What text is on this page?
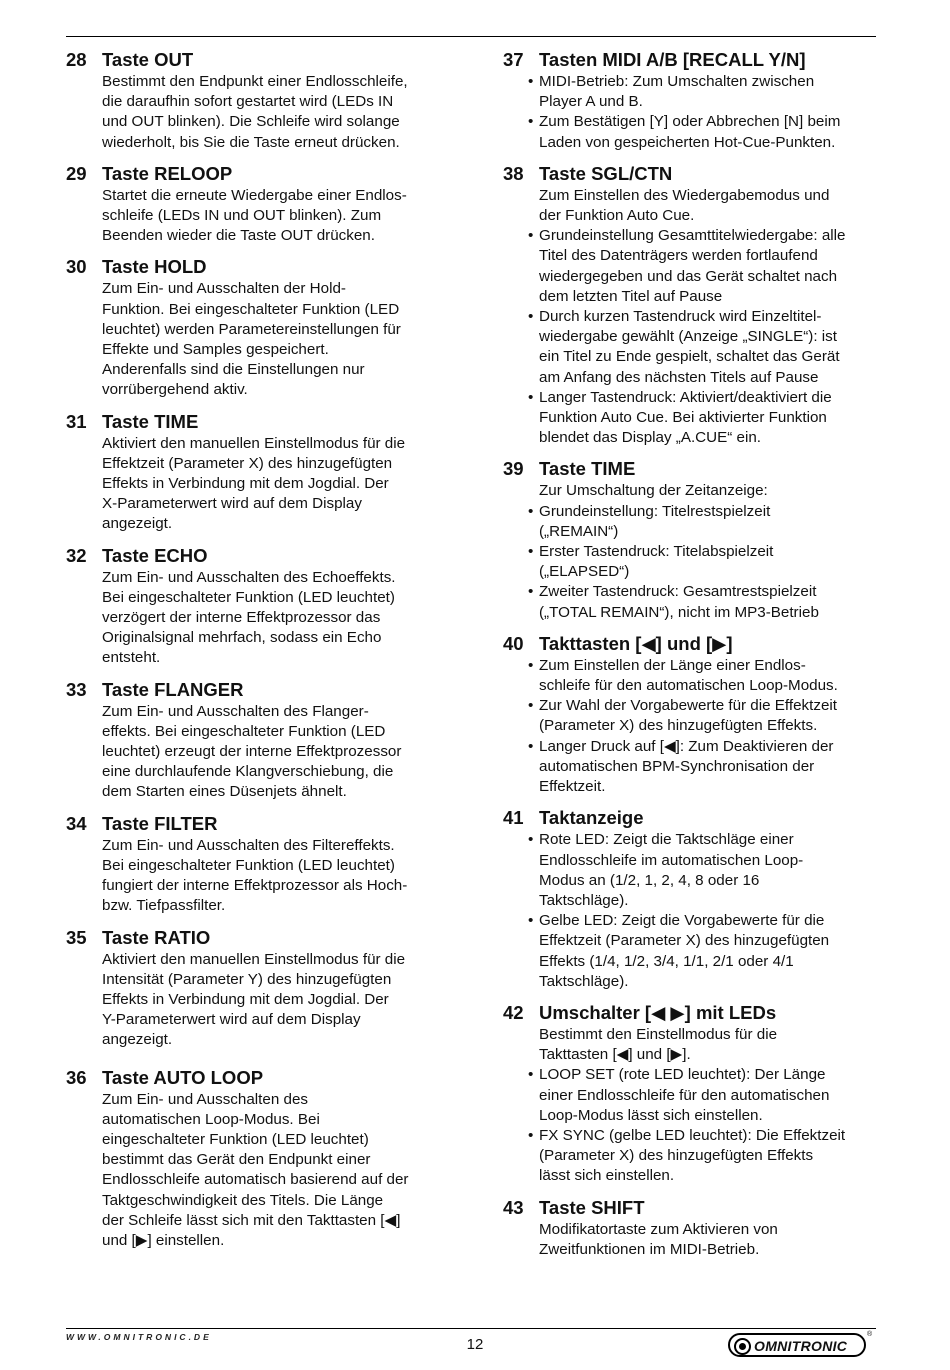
28 Taste OUT
Bestimmt den Endpunkt einer Endlosschleife,
die daraufhin sofort gestartet wird (LEDs IN
und OUT blinken). Die Schleife wird solange
wiederholt, bis Sie die Taste erneut drücken.
29 Taste RELOOP
Startet die erneute Wiedergabe einer Endlos-
schleife (LEDs IN und OUT blinken). Zum
Beenden wieder die Taste OUT drücken.
30 Taste HOLD
Zum Ein- und Ausschalten der Hold-
Funktion. Bei eingeschalteter Funktion (LED
leuchtet) werden Parametereinstellungen für
Effekte und Samples gespeichert.
Anderenfalls sind die Einstellungen nur
vorrübergehend aktiv.
31 Taste TIME
Aktiviert den manuellen Einstellmodus für die
Effektzeit (Parameter X) des hinzugefügten
Effekts in Verbindung mit dem Jogdial. Der
X-Parameterwert wird auf dem Display
angezeigt.
32 Taste ECHO
Zum Ein- und Ausschalten des Echoeffekts.
Bei eingeschalteter Funktion (LED leuchtet)
verzögert der interne Effektprozessor das
Originalsignal mehrfach, sodass ein Echo
entsteht.
33 Taste FLANGER
Zum Ein- und Ausschalten des Flanger-
effekts. Bei eingeschalteter Funktion (LED
leuchtet) erzeugt der interne Effektprozessor
eine durchlaufende Klangverschiebung, die
dem Starten eines Düsenjets ähnelt.
34 Taste FILTER
Zum Ein- und Ausschalten des Filtereffekts.
Bei eingeschalteter Funktion (LED leuchtet)
fungiert der interne Effektprozessor als Hoch-
bzw. Tiefpassfilter.
35 Taste RATIO
Aktiviert den manuellen Einstellmodus für die
Intensität (Parameter Y) des hinzugefügten
Effekts in Verbindung mit dem Jogdial. Der
Y-Parameterwert wird auf dem Display
angezeigt.
36 Taste AUTO LOOP
Zum Ein- und Ausschalten des
automatischen Loop-Modus. Bei
eingeschalteter Funktion (LED leuchtet)
bestimmt das Gerät den Endpunkt einer
Endlosschleife automatisch basierend auf der
Taktgeschwindigkeit des Titels. Die Länge
der Schleife lässt sich mit den Takttasten [◀]
und [▶] einstellen.
37 Tasten MIDI A/B [RECALL Y/N]
• MIDI-Betrieb: Zum Umschalten zwischen
Player A und B.
• Zum Bestätigen [Y] oder Abbrechen [N] beim
Laden von gespeicherten Hot-Cue-Punkten.
38 Taste SGL/CTN
Zum Einstellen des Wiedergabemodus und
der Funktion Auto Cue.
• Grundeinstellung Gesamttitelwiedergabe: alle
Titel des Datenträgers werden fortlaufend
wiedergegeben und das Gerät schaltet nach
dem letzten Titel auf Pause
• Durch kurzen Tastendruck wird Einzeltitel-
wiedergabe gewählt (Anzeige „SINGLE“): ist
ein Titel zu Ende gespielt, schaltet das Gerät
am Anfang des nächsten Titels auf Pause
• Langer Tastendruck: Aktiviert/deaktiviert die
Funktion Auto Cue. Bei aktivierter Funktion
blendet das Display „A.CUE“ ein.
39 Taste TIME
Zur Umschaltung der Zeitanzeige:
• Grundeinstellung: Titelrestspielzeit
(„REMAIN“)
• Erster Tastendruck: Titelabspielzeit
(„ELAPSED“)
• Zweiter Tastendruck: Gesamtrestspielzeit
(„TOTAL REMAIN“), nicht im MP3-Betrieb
40 Takttasten [◀] und [▶]
• Zum Einstellen der Länge einer Endlos-
schleife für den automatischen Loop-Modus.
• Zur Wahl der Vorgabewerte für die Effektzeit
(Parameter X) des hinzugefügten Effekts.
• Langer Druck auf [◀]: Zum Deaktivieren der
automatischen BPM-Synchronisation der
Effektzeit.
41 Taktanzeige
• Rote LED: Zeigt die Taktschläge einer
Endlosschleife im automatischen Loop-
Modus an (1/2, 1, 2, 4, 8 oder 16
Taktschläge).
• Gelbe LED: Zeigt die Vorgabewerte für die
Effektzeit (Parameter X) des hinzugefügten
Effekts (1/4, 1/2, 3/4, 1/1, 2/1 oder 4/1
Taktschläge).
42 Umschalter [◀ ▶] mit LEDs
Bestimmt den Einstellmodus für die
Takttasten [◀] und [▶].
• LOOP SET (rote LED leuchtet): Der Länge
einer Endlosschleife für den automatischen
Loop-Modus lässt sich einstellen.
• FX SYNC (gelbe LED leuchtet): Die Effektzeit
(Parameter X) des hinzugefügten Effekts
lässt sich einstellen.
43 Taste SHIFT
Modifikatortaste zum Aktivieren von
Zweitfunktionen im MIDI-Betrieb.
WWW.OMNITRONIC.DE	12	OMNITRONIC
®
